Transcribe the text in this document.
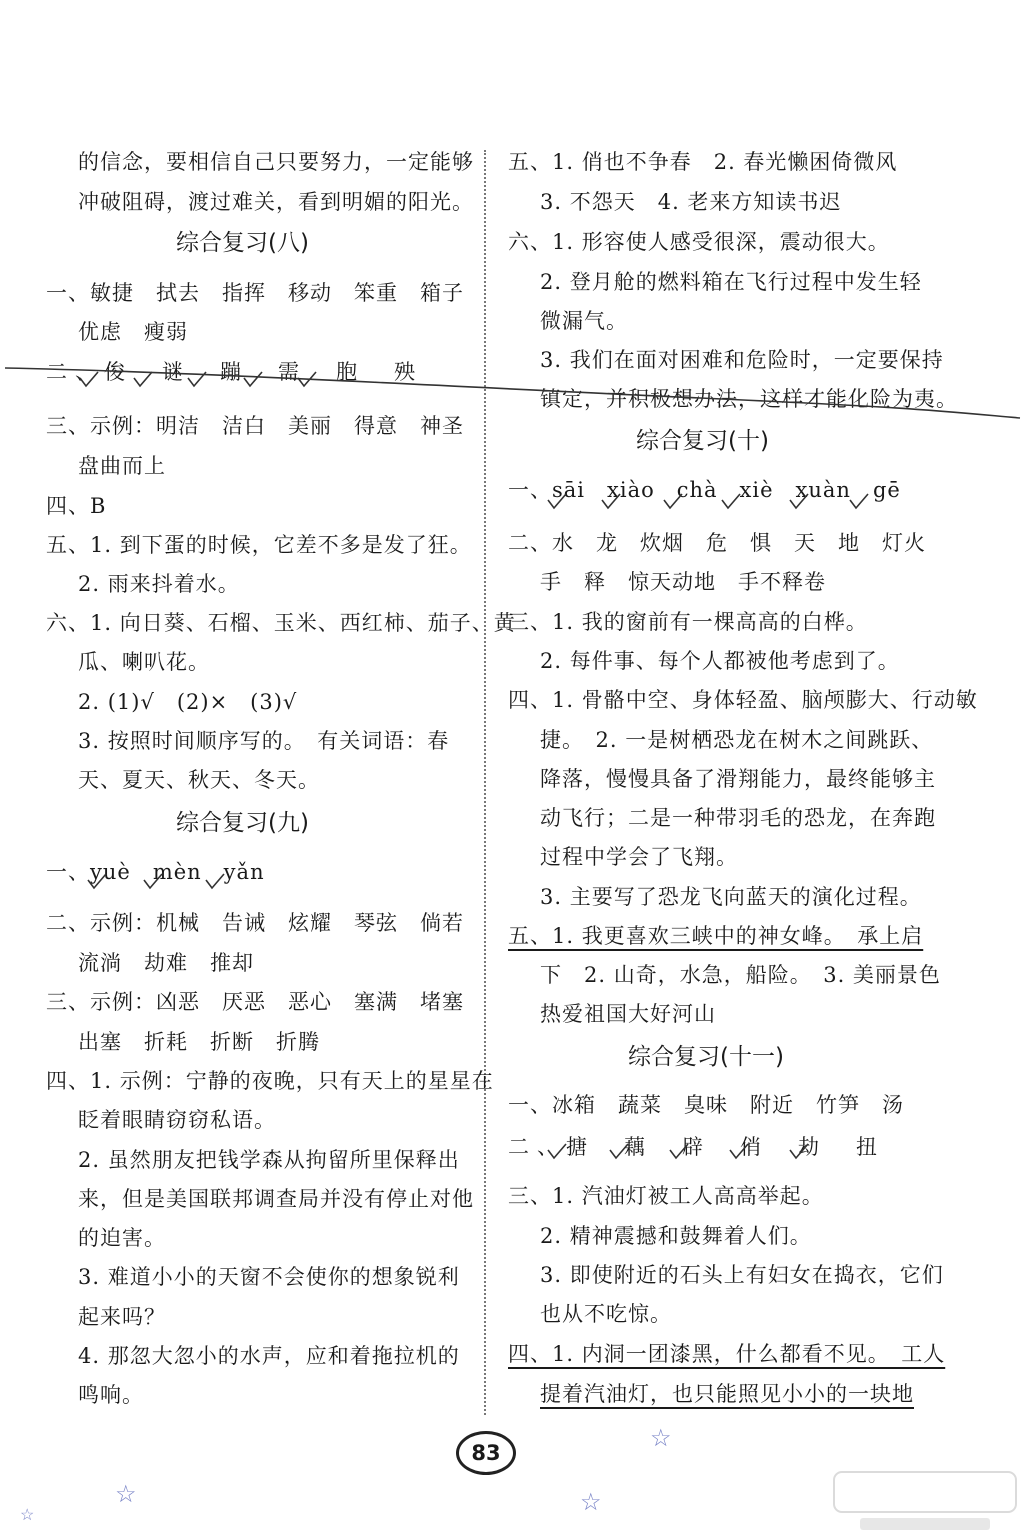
的信念，要相信自己只要努力，一定能够
冲破阻碍，渡过难关，看到明媚的阳光。
综合复习(八)
一、敏捷　拭去　指挥　移动　笨重　箱子
优虑　瘦弱
二、俊　谜　蹦　需　胞　殃
三、示例：明洁　洁白　美丽　得意　神圣
盘曲而上
四、B
五、1. 到下蛋的时候，它差不多是发了狂。
2. 雨来抖着水。
六、1. 向日葵、石榴、玉米、西红柿、茄子、黄
瓜、喇叭花。
2. (1)√　(2)×　(3)√
3. 按照时间顺序写的。　有关词语：春
天、夏天、秋天、冬天。
综合复习(九)
一、yuè　mèn　yǎn
二、示例：机械　告诫　炫耀　琴弦　倘若
流淌　劫难　推却
三、示例：凶恶　厌恶　恶心　塞满　堵塞
出塞　折耗　折断　折腾
四、1. 示例：宁静的夜晚，只有天上的星星在
眨着眼睛窃窃私语。
2. 虽然朋友把钱学森从拘留所里保释出
来，但是美国联邦调查局并没有停止对他
的迫害。
3. 难道小小的天窗不会使你的想象锐利
起来吗？
4. 那忽大忽小的水声，应和着拖拉机的
鸣响。
五、1. 俏也不争春　2. 春光懒困倚微风
3. 不怨天　4. 老来方知读书迟
六、1. 形容使人感受很深，震动很大。
2. 登月舱的燃料箱在飞行过程中发生轻
微漏气。
3. 我们在面对困难和危险时，一定要保持
镇定，并积极想办法，这样才能化险为夷。
综合复习(十)
一、sāi　xiào　chà　xiè　xuàn　gē
二、水　龙　炊烟　危　惧　天　地　灯火
手　释　惊天动地　手不释卷
三、1. 我的窗前有一棵高高的白桦。
2. 每件事、每个人都被他考虑到了。
四、1. 骨骼中空、身体轻盈、脑颅膨大、行动敏
捷。　2. 一是树栖恐龙在树木之间跳跃、
降落，慢慢具备了滑翔能力，最终能够主
动飞行；二是一种带羽毛的恐龙，在奔跑
过程中学会了飞翔。
3. 主要写了恐龙飞向蓝天的演化过程。
五、1. 我更喜欢三峡中的神女峰。　承上启
下　2. 山奇，水急，船险。　3. 美丽景色
热爱祖国大好河山
综合复习(十一)
一、冰箱　蔬菜　臭味　附近　竹笋　汤
二、搪　藕　辟　俏　劫　扭
三、1. 汽油灯被工人高高举起。
2. 精神震撼和鼓舞着人们。
3. 即使附近的石头上有妇女在捣衣，它们
也从不吃惊。
四、1. 内洞一团漆黑，什么都看不见。　工人
提着汽油灯，也只能照见小小的一块地
83
☆
☆
☆
☆
